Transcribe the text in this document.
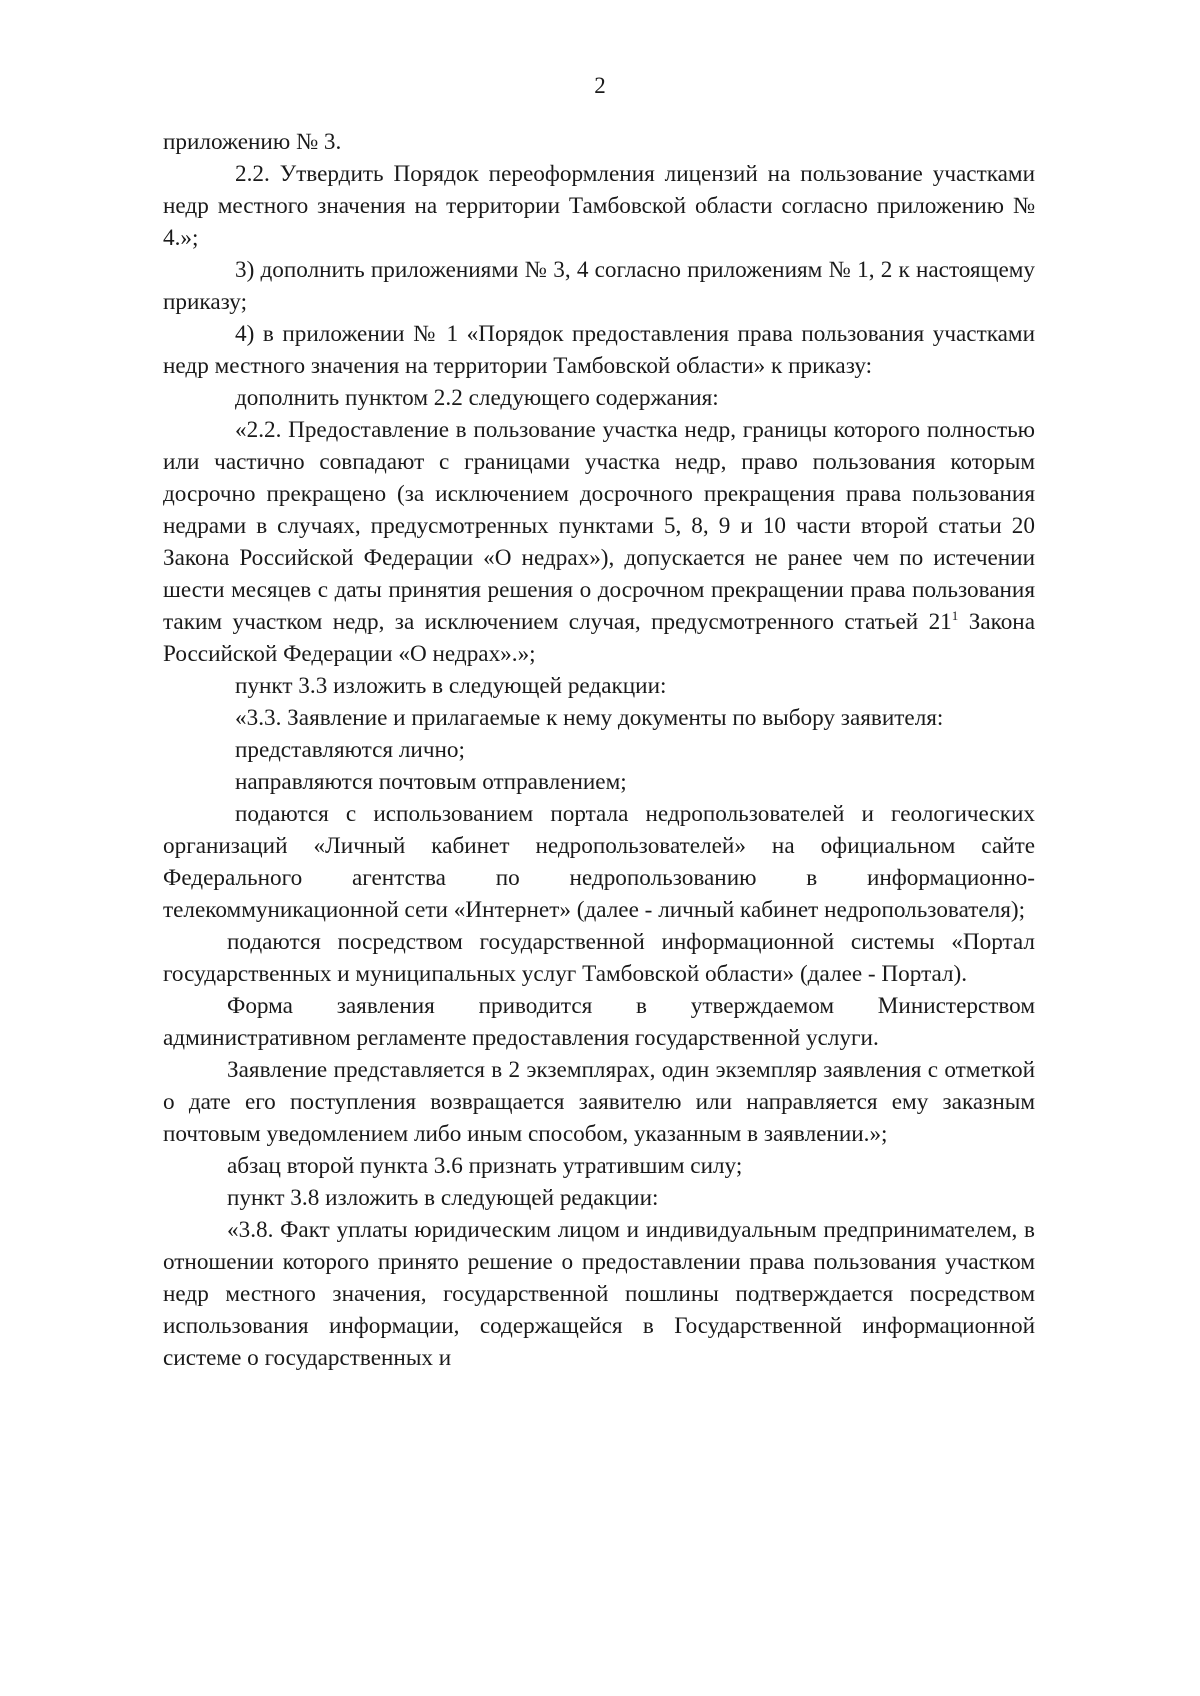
2

приложению № 3.

2.2. Утвердить Порядок переоформления лицензий на пользование участками недр местного значения на территории Тамбовской области согласно приложению № 4.»;

3) дополнить приложениями № 3, 4 согласно приложениям № 1, 2 к настоящему приказу;

4) в приложении № 1 «Порядок предоставления права пользования участками недр местного значения на территории Тамбовской области» к приказу:

дополнить пунктом 2.2 следующего содержания:

«2.2. Предоставление в пользование участка недр, границы которого полностью или частично совпадают с границами участка недр, право пользования которым досрочно прекращено (за исключением досрочного прекращения права пользования недрами в случаях, предусмотренных пунктами 5, 8, 9 и 10 части второй статьи 20 Закона Российской Федерации «О недрах»), допускается не ранее чем по истечении шести месяцев с даты принятия решения о досрочном прекращении права пользования таким участком недр, за исключением случая, предусмотренного статьей $21^1$ Закона Российской Федерации «О недрах».»;

пункт 3.3 изложить в следующей редакции:

«3.3. Заявление и прилагаемые к нему документы по выбору заявителя:

представляются лично;

направляются почтовым отправлением;

подаются с использованием портала недропользователей и геологических организаций «Личный кабинет недропользователей» на официальном сайте Федерального агентства по недропользованию в информационно-телекоммуникационной сети «Интернет» (далее - личный кабинет недропользователя);

подаются посредством государственной информационной системы «Портал государственных и муниципальных услуг Тамбовской области» (далее - Портал).

Форма заявления приводится в утверждаемом Министерством административном регламенте предоставления государственной услуги.

Заявление представляется в 2 экземплярах, один экземпляр заявления с отметкой о дате его поступления возвращается заявителю или направляется ему заказным почтовым уведомлением либо иным способом, указанным в заявлении.»;

абзац второй пункта 3.6 признать утратившим силу;

пункт 3.8 изложить в следующей редакции:

«3.8. Факт уплаты юридическим лицом и индивидуальным предпринимателем, в отношении которого принято решение о предоставлении права пользования участком недр местного значения, государственной пошлины подтверждается посредством использования информации, содержащейся в Государственной информационной системе о государственных и
